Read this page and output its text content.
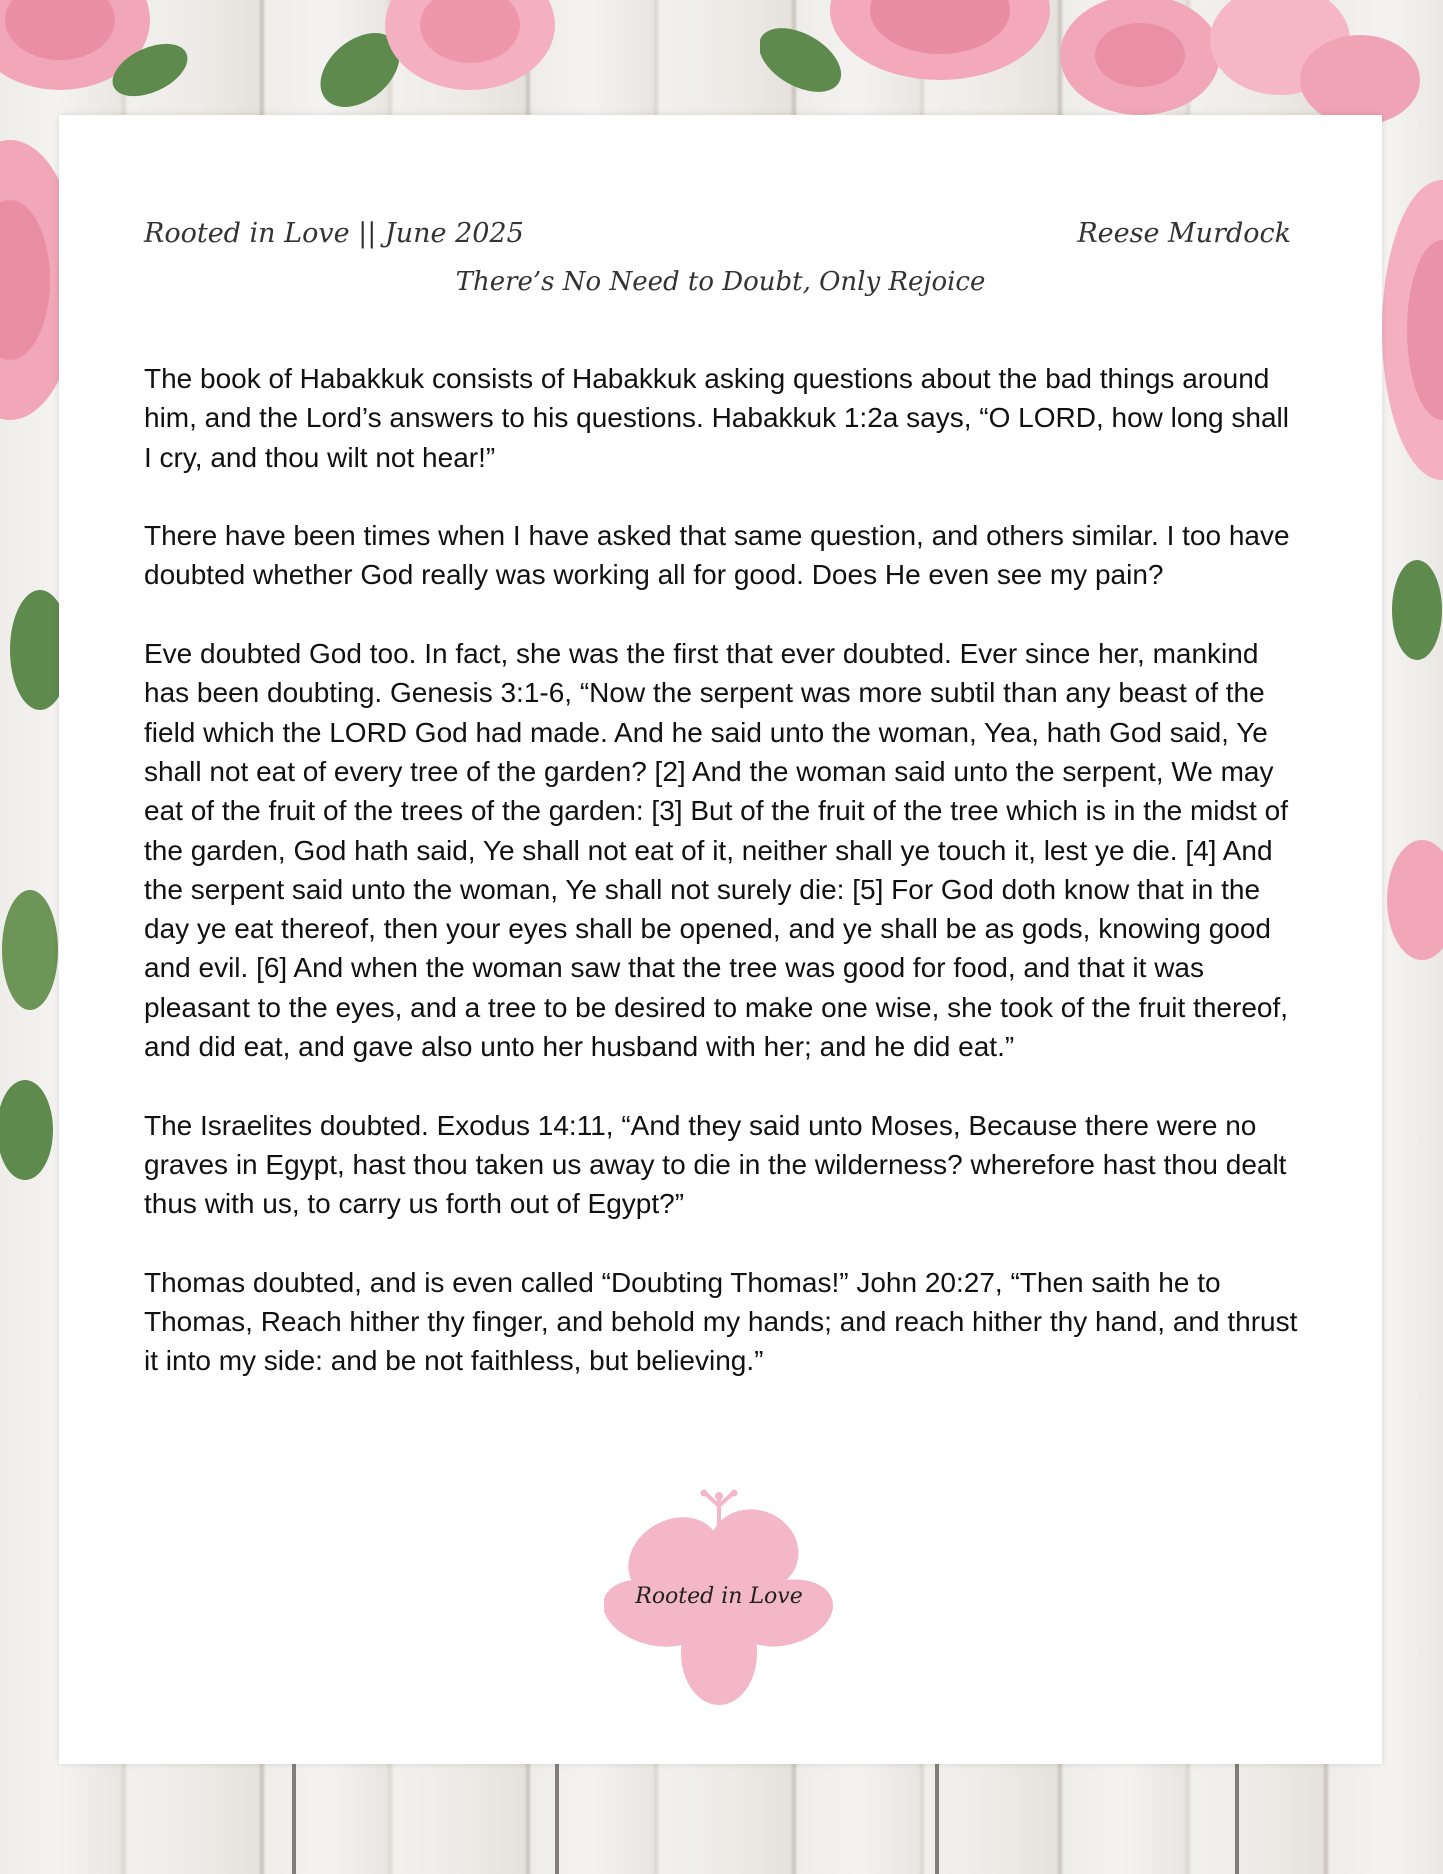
Rooted in Love || June 2025	Reese Murdock
There’s No Need to Doubt, Only Rejoice

The book of Habakkuk consists of Habakkuk asking questions about the bad things around him, and the Lord’s answers to his questions. Habakkuk 1:2a says, “O LORD, how long shall I cry, and thou wilt not hear!”

There have been times when I have asked that same question, and others similar. I too have doubted whether God really was working all for good. Does He even see my pain?

Eve doubted God too. In fact, she was the first that ever doubted. Ever since her, mankind has been doubting. Genesis 3:1-6, “Now the serpent was more subtil than any beast of the field which the LORD God had made. And he said unto the woman, Yea, hath God said, Ye shall not eat of every tree of the garden? [2] And the woman said unto the serpent, We may eat of the fruit of the trees of the garden: [3] But of the fruit of the tree which is in the midst of the garden, God hath said, Ye shall not eat of it, neither shall ye touch it, lest ye die. [4] And the serpent said unto the woman, Ye shall not surely die: [5] For God doth know that in the day ye eat thereof, then your eyes shall be opened, and ye shall be as gods, knowing good and evil. [6] And when the woman saw that the tree was good for food, and that it was pleasant to the eyes, and a tree to be desired to make one wise, she took of the fruit thereof, and did eat, and gave also unto her husband with her; and he did eat.”

The Israelites doubted. Exodus 14:11, “And they said unto Moses, Because there were no graves in Egypt, hast thou taken us away to die in the wilderness? wherefore hast thou dealt thus with us, to carry us forth out of Egypt?”

Thomas doubted, and is even called “Doubting Thomas!” John 20:27, “Then saith he to Thomas, Reach hither thy finger, and behold my hands; and reach hither thy hand, and thrust it into my side: and be not faithless, but believing.”

Rooted in Love
